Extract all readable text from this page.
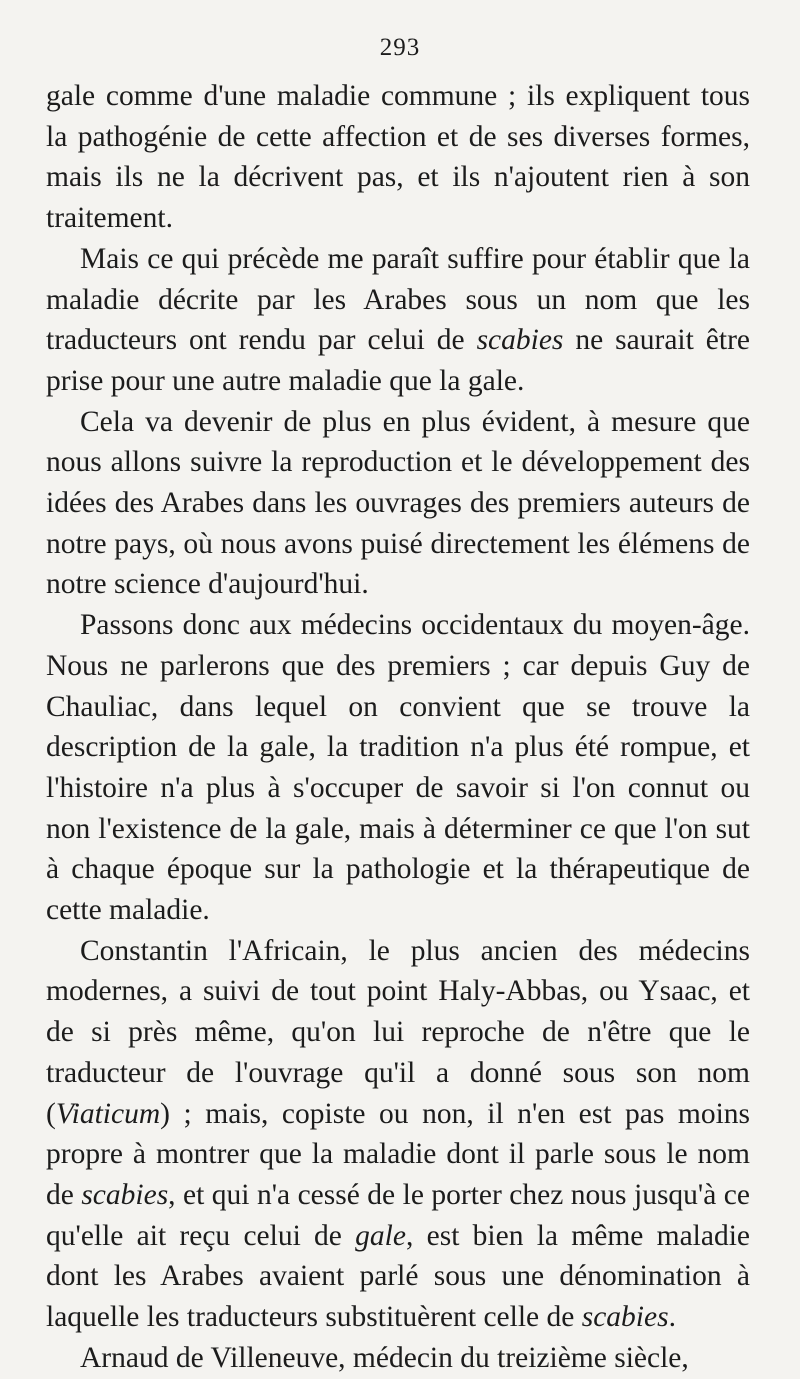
293

gale comme d'une maladie commune ; ils expliquent tous la pathogénie de cette affection et de ses diverses formes, mais ils ne la décrivent pas, et ils n'ajoutent rien à son traitement.

Mais ce qui précède me paraît suffire pour établir que la maladie décrite par les Arabes sous un nom que les traducteurs ont rendu par celui de scabies ne saurait être prise pour une autre maladie que la gale.

Cela va devenir de plus en plus évident, à mesure que nous allons suivre la reproduction et le développement des idées des Arabes dans les ouvrages des premiers auteurs de notre pays, où nous avons puisé directement les élémens de notre science d'aujourd'hui.

Passons donc aux médecins occidentaux du moyen-âge. Nous ne parlerons que des premiers ; car depuis Guy de Chauliac, dans lequel on convient que se trouve la description de la gale, la tradition n'a plus été rompue, et l'histoire n'a plus à s'occuper de savoir si l'on connut ou non l'existence de la gale, mais à déterminer ce que l'on sut à chaque époque sur la pathologie et la thérapeutique de cette maladie.

Constantin l'Africain, le plus ancien des médecins modernes, a suivi de tout point Haly-Abbas, ou Ysaac, et de si près même, qu'on lui reproche de n'être que le traducteur de l'ouvrage qu'il a donné sous son nom (Viaticum) ; mais, copiste ou non, il n'en est pas moins propre à montrer que la maladie dont il parle sous le nom de scabies, et qui n'a cessé de le porter chez nous jusqu'à ce qu'elle ait reçu celui de gale, est bien la même maladie dont les Arabes avaient parlé sous une dénomination à laquelle les traducteurs substituèrent celle de scabies.

Arnaud de Villeneuve, médecin du treizième siècle,
